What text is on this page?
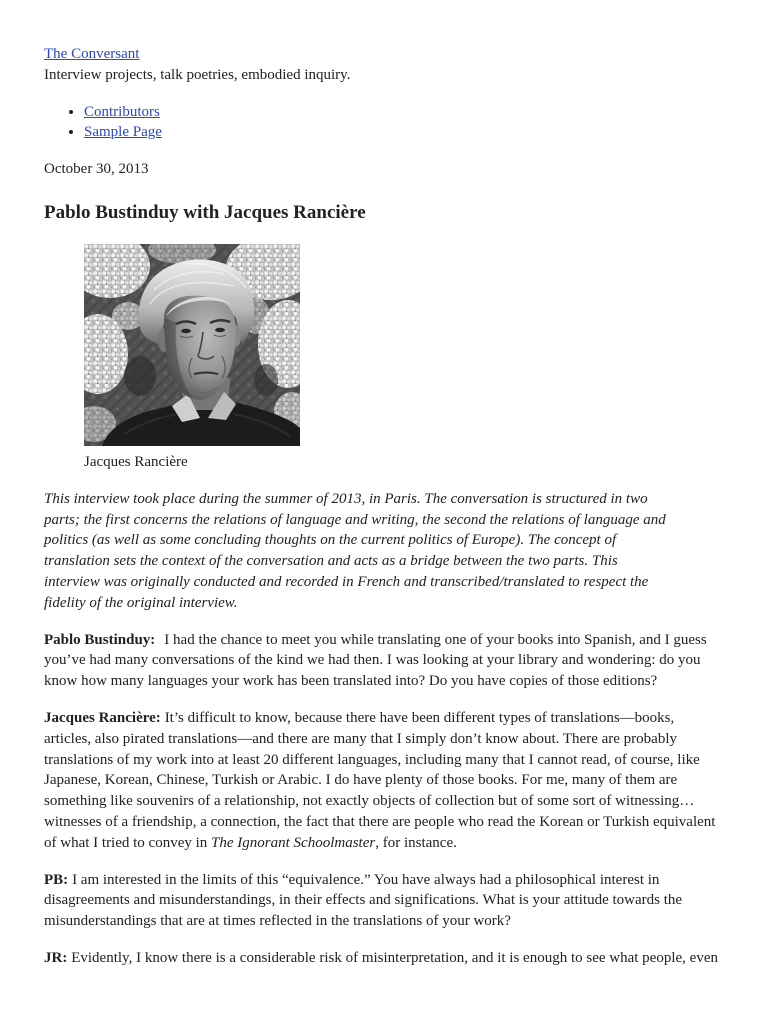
The Conversant
Interview projects, talk poetries, embodied inquiry.
• Contributors
• Sample Page
October 30, 2013
Pablo Bustinduy with Jacques Rancière
Jacques Rancière

This interview took place during the summer of 2013, in Paris. The conversation is structured in two
parts; the first concerns the relations of language and writing, the second the relations of language and
politics (as well as some concluding thoughts on the current politics of Europe). The concept of
translation sets the context of the conversation and acts as a bridge between the two parts. This
interview was originally conducted and recorded in French and transcribed/translated to respect the
fidelity of the original interview.

Pablo Bustinduy: I had the chance to meet you while translating one of your books into Spanish, and I guess
you’ve had many conversations of the kind we had then. I was looking at your library and wondering: do you
know how many languages your work has been translated into? Do you have copies of those editions?

Jacques Rancière: It’s difficult to know, because there have been different types of translations—books,
articles, also pirated translations—and there are many that I simply don’t know about. There are probably
translations of my work into at least 20 different languages, including many that I cannot read, of course, like
Japanese, Korean, Chinese, Turkish or Arabic. I do have plenty of those books. For me, many of them are
something like souvenirs of a relationship, not exactly objects of collection but of some sort of witnessing…
witnesses of a friendship, a connection, the fact that there are people who read the Korean or Turkish equivalent
of what I tried to convey in The Ignorant Schoolmaster, for instance.

PB: I am interested in the limits of this “equivalence.” You have always had a philosophical interest in
disagreements and misunderstandings, in their effects and significations. What is your attitude towards the
misunderstandings that are at times reflected in the translations of your work?

JR: Evidently, I know there is a considerable risk of misinterpretation, and it is enough to see what people, even
